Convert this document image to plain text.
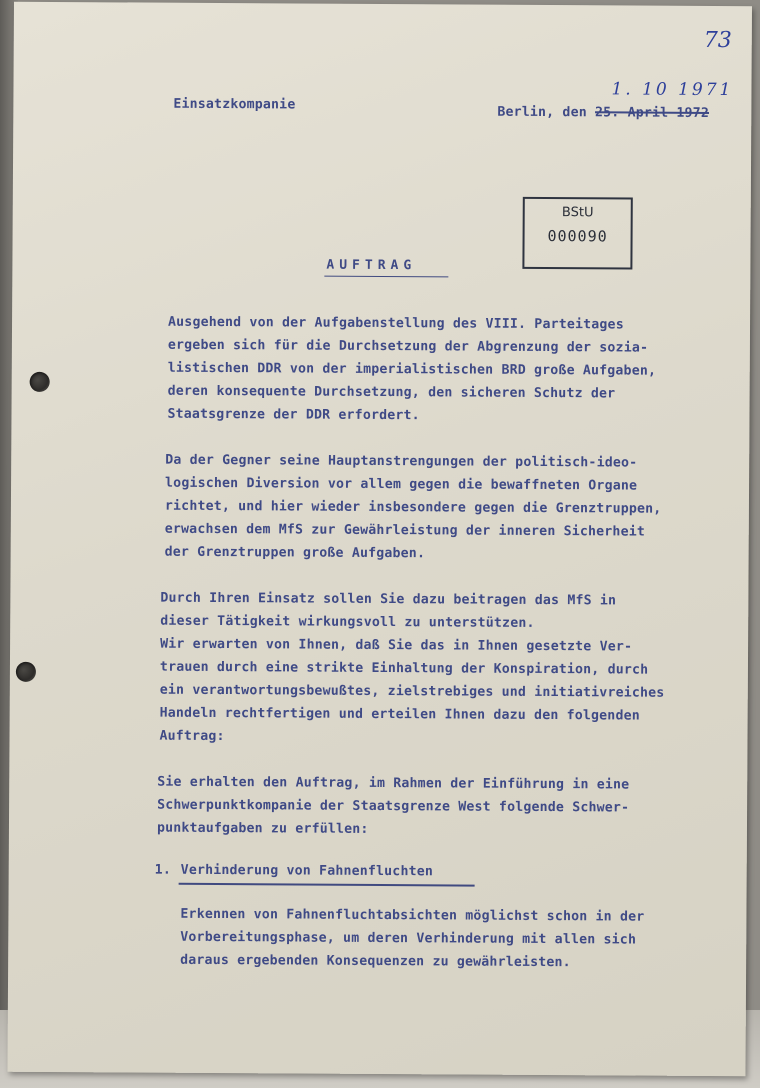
73
Einsatzkompanie
Berlin, den 25. April 1972
1. 10 1971
BStU
000090
AUFTRAG
Ausgehend von der Aufgabenstellung des VIII. Parteitages
ergeben sich für die Durchsetzung der Abgrenzung der sozia-
listischen DDR von der imperialistischen BRD große Aufgaben,
deren konsequente Durchsetzung, den sicheren Schutz der
Staatsgrenze der DDR erfordert.
Da der Gegner seine Hauptanstrengungen der politisch-ideo-
logischen Diversion vor allem gegen die bewaffneten Organe
richtet, und hier wieder insbesondere gegen die Grenztruppen,
erwachsen dem MfS zur Gewährleistung der inneren Sicherheit
der Grenztruppen große Aufgaben.
Durch Ihren Einsatz sollen Sie dazu beitragen das MfS in
dieser Tätigkeit wirkungsvoll zu unterstützen.
Wir erwarten von Ihnen, daß Sie das in Ihnen gesetzte Ver-
trauen durch eine strikte Einhaltung der Konspiration, durch
ein verantwortungsbewußtes, zielstrebiges und initiativreiches
Handeln rechtfertigen und erteilen Ihnen dazu den folgenden
Auftrag:
Sie erhalten den Auftrag, im Rahmen der Einführung in eine
Schwerpunktkompanie der Staatsgrenze West folgende Schwer-
punktaufgaben zu erfüllen:
1. Verhinderung von Fahnenfluchten
Erkennen von Fahnenfluchtabsichten möglichst schon in der
Vorbereitungsphase, um deren Verhinderung mit allen sich
daraus ergebenden Konsequenzen zu gewährleisten.
